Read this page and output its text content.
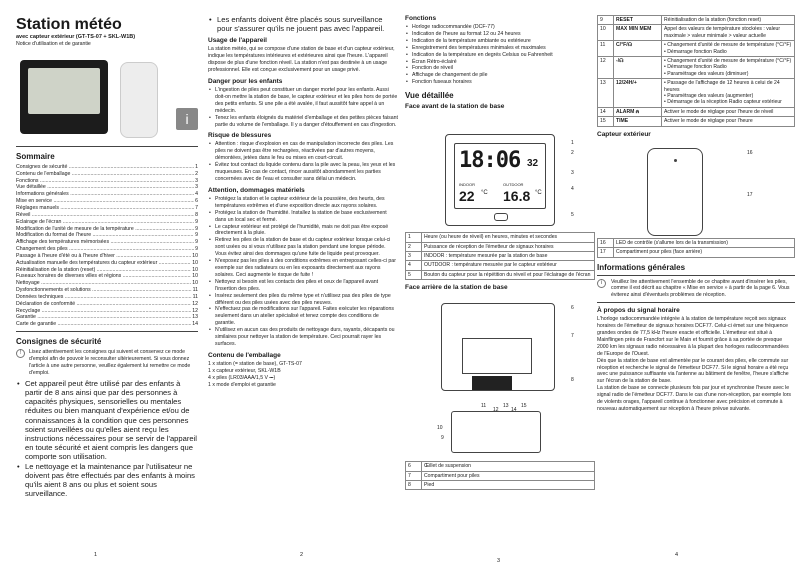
Station météo
avec capteur extérieur (GT-TS-07 + SKL-W1B)
Notice d'utilisation et de garantie
i
Sommaire
Consignes de sécurité .....	1
Contenu de l'emballage .....	2
Fonctions .....	3
Vue détaillée .....	3
Informations générales .....	4
Mise en service .....	6
Réglages manuels .....	7
Réveil .....	8
Éclairage de l'écran .....	9
Modification de l'unité de mesure de la température .....	9
Modification du format de l'heure .....	9
Affichage des températures mémorisées .....	9
Changement des piles .....	9
Passage à l'heure d'été ou à l'heure d'hiver .....	10
Actualisation manuelle des températures du capteur extérieur .....	10
Réinitialisation de la station (reset) .....	10
Fuseaux horaires de diverses villes et régions .....	10
Nettoyage .....	10
Dysfonctionnements et solutions .....	11
Données techniques .....	11
Déclaration de conformité .....	12
Recyclage .....	12
Garantie .....	13
Carte de garantie .....	14
Consignes de sécurité
!	Lisez attentivement les consignes qui suivent et conservez ce mode d'emploi afin de pouvoir le reconsulter ultérieurement. Si vous donnez l'article à une autre personne, veuillez également lui remettre ce mode d'emploi.
• Cet appareil peut être utilisé par des enfants à partir de 8 ans ainsi que par des personnes à capacités physiques, sensorielles ou mentales réduites ou bien manquant d'expérience et/ou de connaissances à la condition que ces personnes soient surveillées ou qu'elles aient reçu les instructions nécessaires pour se servir de l'appareil en toute sécurité et aient compris les dangers que comporte son utilisation.
• Le nettoyage et la maintenance par l'utilisateur ne doivent pas être effectués par des enfants à moins qu'ils aient 8 ans ou plus et soient sous surveillance.
1
• Les enfants doivent être placés sous surveillance pour s'assurer qu'ils ne jouent pas avec l'appareil.
Usage de l'appareil
La station météo, qui se compose d'une station de base et d'un capteur extérieur, indique les températures intérieures et extérieures ainsi que l'heure. L'appareil dispose de plus d'une fonction réveil. La station n'est pas destinée à un usage professionnel. Elle est conçue exclusivement pour un usage privé.
Danger pour les enfants
• L'ingestion de piles peut constituer un danger mortel pour les enfants. Aussi doit-on mettre la station de base, le capteur extérieur et les piles hors de portée des petits enfants. Si une pile a été avalée, il faut aussitôt faire appel à un médecin.
• Tenez les enfants éloignés du matériel d'emballage et des petites pièces faisant partie du volume de l'emballage. Il y a danger d'étouffement en cas d'ingestion.
Risque de blessures
• Attention : risque d'explosion en cas de manipulation incorrecte des piles. Les piles ne doivent pas être rechargées, réactivées par d'autres moyens, démontées, jetées dans le feu ou mises en court-circuit.
• Évitez tout contact du liquide contenu dans la pile avec la peau, les yeux et les muqueuses. En cas de contact, rincer aussitôt abondamment les parties concernées avec de l'eau et consulter sans délai un médecin.
Attention, dommages matériels
• Protégez la station et le capteur extérieur de la poussière, des heurts, des températures extrêmes et d'une exposition directe aux rayons solaires.
• Protégez la station de l'humidité. Installez la station de base exclusivement dans un local sec et fermé.
• Le capteur extérieur est protégé de l'humidité, mais ne doit pas être exposé directement à la pluie.
• Retirez les piles de la station de base et du capteur extérieur lorsque celui-ci sont usées ou si vous n'utilisez pas la station pendant une longue période. Vous évitez ainsi des dommages qu'une fuite de liquide peut provoquer.
• N'exposez pas les piles à des conditions extrêmes en entreposant celles-ci par exemple sur des radiateurs ou en les exposants directement aux rayons solaires. Ceci augmente le risque de fuite !
• Nettoyez si besoin est les contacts des piles et ceux de l'appareil avant l'insertion des piles.
• Insérez seulement des piles du même type et n'utilisez pas des piles de type différent ou des piles usées avec des piles neuves.
• N'effectuez pas de modifications sur l'appareil. Faites exécuter les réparations seulement dans un atelier spécialisé et tenez compte des conditions de garantie.
• N'utilisez en aucun cas des produits de nettoyage durs, rayants, décapants ou similaires pour nettoyer la station de température. Ceci pourrait rayer les surfaces.
Contenu de l'emballage
1 x station (= station de base), GT-TS-07
1 x capteur extérieur, SKL-W1B
4 x piles (LR03/AAA/1,5 V ⎓)
1 x mode d'emploi et garantie
2
Fonctions
• Horloge radiocommandée (DCF-77)
• Indication de l'heure au format 12 ou 24 heures
• Indication de la température ambiante ou extérieure
• Enregistrement des températures minimales et maximales
• Indication de la température en degrés Celsius ou Fahrenheit
• Écran Rétro-éclairé
• Fonction de réveil
• Affichage de changement de pile
• Fonction fuseaux horaires
Vue détaillée
Face avant de la station de base
18:06 32
INDOOR	OUTDOOR
22 °C 16.8 °C
1
2
3
4
5
1	Heure (ou heure de réveil) en heures, minutes et secondes
2	Puissance de réception de l'émetteur de signaux horaires
3	INDOOR : température mesurée par la station de base
4	OUTDOOR : température mesurée par le capteur extérieur
5	Bouton du capteur pour la répétition du réveil et pour l'éclairage de l'écran
Face arrière de la station de base
6
7
8
9
10
11
12
13
14
15
6	Œillet de suspension
7	Compartiment pour piles
8	Pied
3
9	RESET	Réinitialisation de la station (fonction reset)

10	MAX MIN MEM	Appel des valeurs de température stockées : valeur maximale > valeur minimale > valeur actuelle

11	C/°F/☊	• Changement d'unité de mesure de température (°C/°F)
• Démarrage fonction Radio

12	-/☊	• Changement d'unité de mesure de température (°C/°F)
• Démarrage fonction Radio
• Paramétrage des valeurs (diminuer)

13	12/24H/+	• Passage de l'affichage de 12 heures à celui de 24 heures
• Paramétrage des valeurs (augmenter)
• Démarrage de la réception Radio capteur extérieur

14	ALARM ⍾	Activer le mode de réglage pour l'heure de réveil

15	TIME	Activer le mode de réglage pour l'heure
Capteur extérieur
16
17
16	LED de contrôle (s'allume lors de la transmission)
17	Compartiment pour piles (face arrière)
Informations générales
i	Veuillez lire attentivement l'ensemble de ce chapitre avant d'insérer les piles, comme il est décrit au chapitre « Mise en service » à partir de la page 6. Vous éviterez ainsi d'éventuels problèmes de réception.
À propos du signal horaire
L'horloge radiocommandée intégrée à la station de température reçoit ses signaux horaires de l'émetteur de signaux horaires DCF77. Celui-ci émet sur une fréquence grandes ondes de 77,5 kHz l'heure exacte et officielle. L'émetteur est situé à Mainflingen près de Francfort sur le Main et fournit grâce à sa portée de presque 2000 km les signaux radio nécessaires à la plupart des horloges radiocommandées de l'Europe de l'Ouest.
Dès que la station de base est alimentée par le courant des piles, elle commute sur réception et recherche le signal de l'émetteur DCF77. Si le signal horaire a été reçu avec une puissance suffisante via l'antenne au bâtiment de fenêtre, l'heure s'affiche sur l'écran de la station de base.
La station de base se connecte plusieurs fois par jour et synchronise l'heure avec le signal radio de l'émetteur DCF77. Dans le cas d'une non-réception, par exemple lors de violents orages, l'appareil continue à fonctionner avec précision et commute à nouveau automatiquement sur réception à l'heure prévue suivante.
4
